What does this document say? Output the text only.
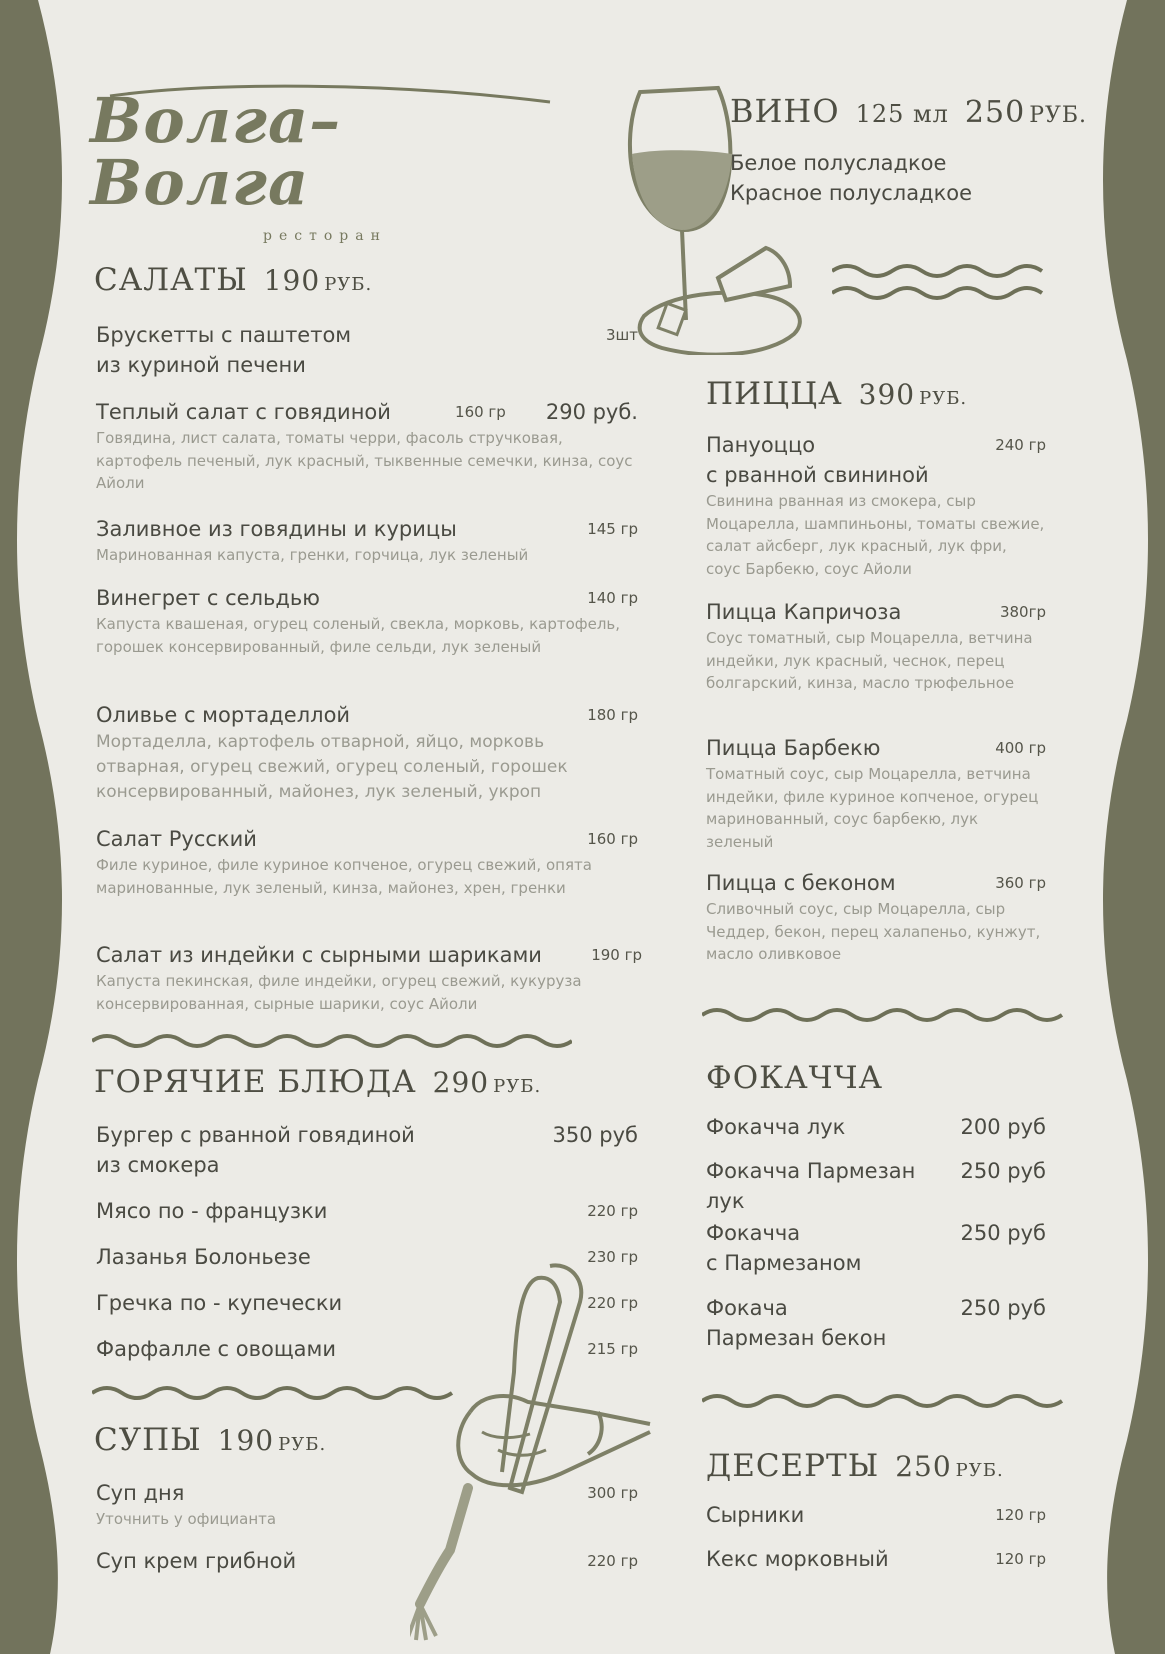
Волга–Волга
ресторан
САЛАТЫ 190 РУБ.
Брускетты с паштетом	3шт
из куриной печени
Теплый салат с говядиной	160 гр 290 руб.
Говядина, лист салата, томаты черри, фасоль стручковая, картофель печеный, лук красный, тыквенные семечки, кинза, соус Айоли
Заливное из говядины и курицы	145 гр
Маринованная капуста, гренки, горчица, лук зеленый
Винегрет с сельдью	140 гр
Капуста квашеная, огурец соленый, свекла, морковь, картофель, горошек консервированный, филе сельди, лук зеленый
Оливье с мортаделлой	180 гр
Мортаделла, картофель отварной, яйцо, морковь отварная, огурец свежий, огурец соленый, горошек консервированный, майонез, лук зеленый, укроп
Салат Русский	160 гр
Филе куриное, филе куриное копченое, огурец свежий, опята маринованные, лук зеленый, кинза, майонез, хрен, гренки
Салат из индейки с сырными шариками	190 гр
Капуста пекинская, филе индейки, огурец свежий, кукуруза консервированная, сырные шарики, соус Айоли
ГОРЯЧИЕ БЛЮДА 290 РУБ.
Бургер с рванной говядиной	350 руб
из смокера
Мясо по - французки	220 гр
Лазанья Болоньезе	230 гр
Гречка по - купечески	220 гр
Фарфалле с овощами	215 гр
СУПЫ 190 РУБ.
Суп дня	300 гр
Уточнить у официанта
Суп крем грибной	220 гр
ВИНО 125 мл 250 РУБ.
Белое полусладкое
Красное полусладкое
ПИЦЦА 390 РУБ.
Пануоццо	240 гр
с рванной свининой
Свинина рванная из смокера, сыр Моцарелла, шампиньоны, томаты свежие, салат айсберг, лук красный, лук фри, соус Барбекю, соус Айоли
Пицца Капричоза	380гр
Соус томатный, сыр Моцарелла, ветчина индейки, лук красный, чеснок, перец болгарский, кинза, масло трюфельное
Пицца Барбекю	400 гр
Томатный соус, сыр Моцарелла, ветчина индейки, филе куриное копченое, огурец маринованный, соус барбекю, лук зеленый
Пицца с беконом	360 гр
Сливочный соус, сыр Моцарелла, сыр Чеддер, бекон, перец халапеньо, кунжут, масло оливковое
ФОКАЧЧА
Фокачча лук	200 руб
Фокачча Пармезан 250 руб
лук
Фокачча	250 руб
с Пармезаном
Фокача	250 руб
Пармезан бекон
ДЕСЕРТЫ 250 РУБ.
Сырники	120 гр
Кекс морковный	120 гр
